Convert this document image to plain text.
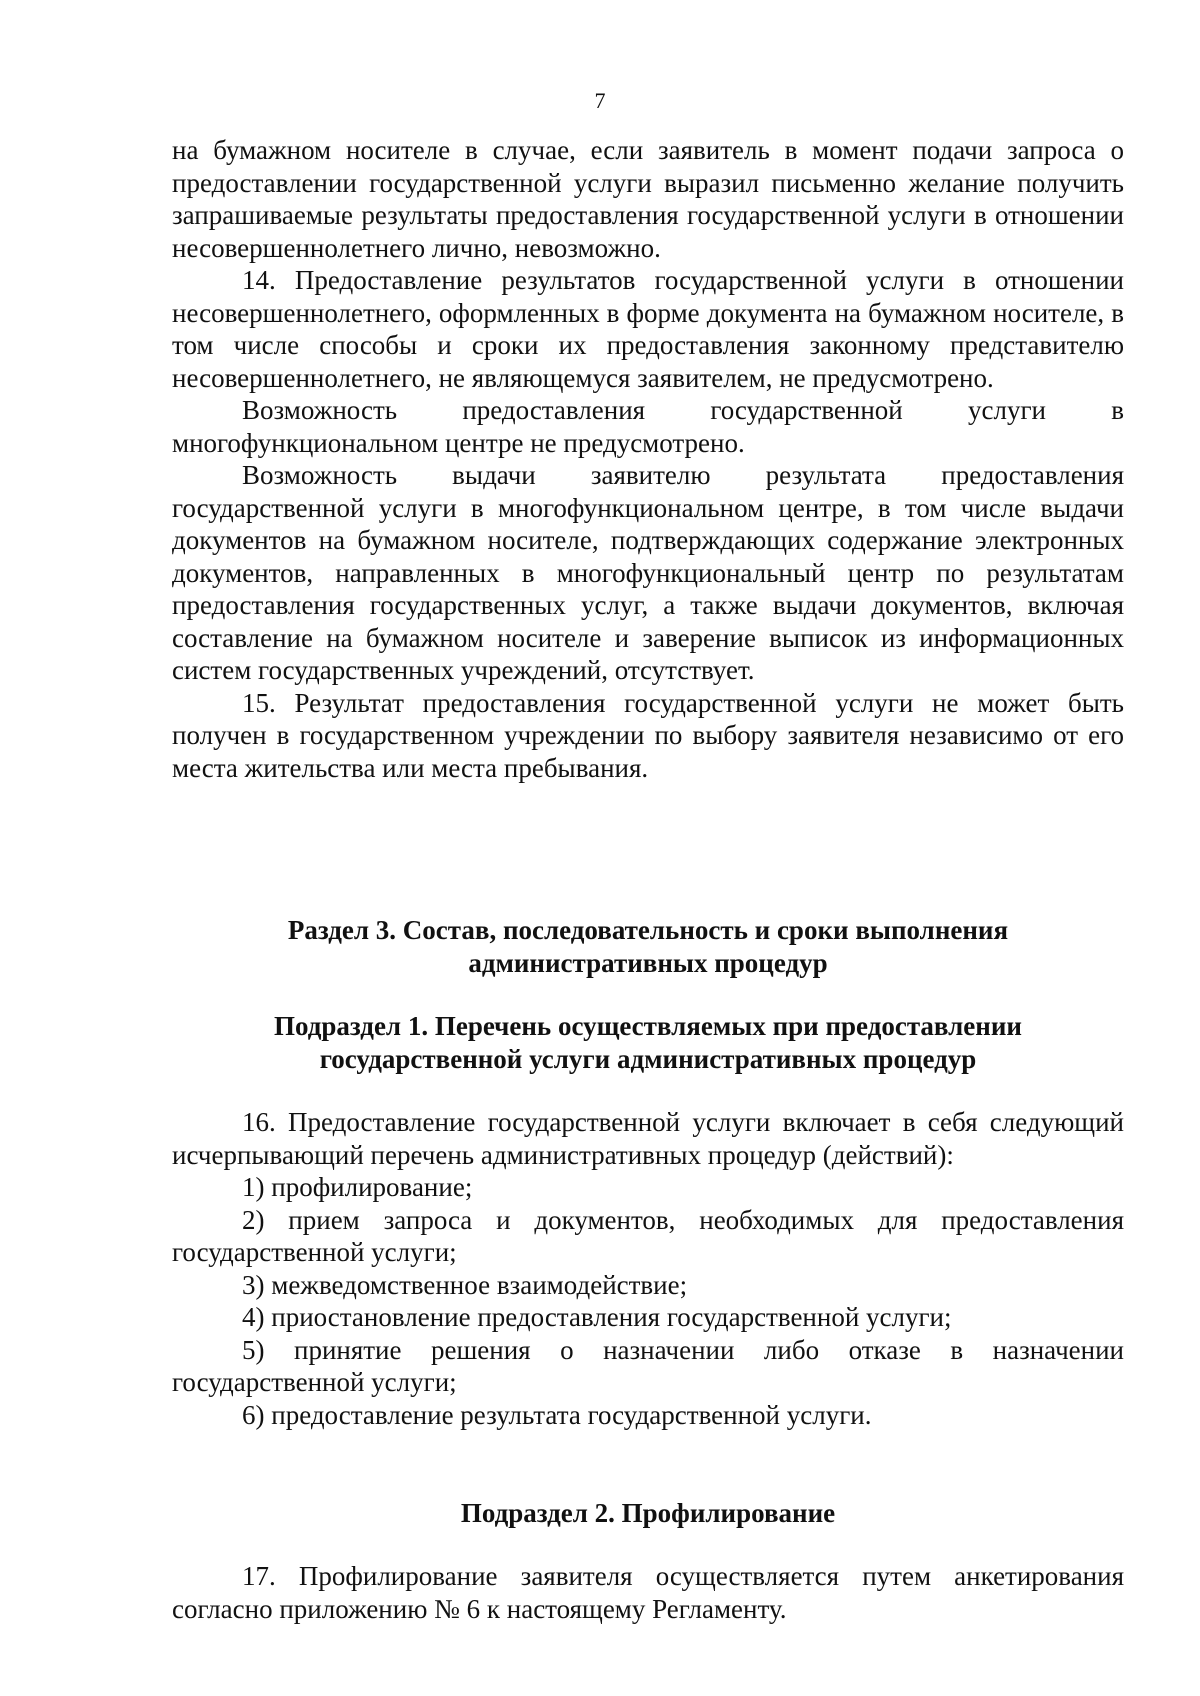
7

на бумажном носителе в случае, если заявитель в момент подачи запроса о предоставлении государственной услуги выразил письменно желание получить запрашиваемые результаты предоставления государственной услуги в отношении несовершеннолетнего лично, невозможно.

14. Предоставление результатов государственной услуги в отношении несовершеннолетнего, оформленных в форме документа на бумажном носителе, в том числе способы и сроки их предоставления законному представителю несовершеннолетнего, не являющемуся заявителем, не предусмотрено.

Возможность предоставления государственной услуги в многофункциональном центре не предусмотрено.

Возможность выдачи заявителю результата предоставления государственной услуги в многофункциональном центре, в том числе выдачи документов на бумажном носителе, подтверждающих содержание электронных документов, направленных в многофункциональный центр по результатам предоставления государственных услуг, а также выдачи документов, включая составление на бумажном носителе и заверение выписок из информационных систем государственных учреждений, отсутствует.

15. Результат предоставления государственной услуги не может быть получен в государственном учреждении по выбору заявителя независимо от его места жительства или места пребывания.

Раздел 3. Состав, последовательность и сроки выполнения
административных процедур
Подраздел 1. Перечень осуществляемых при предоставлении
государственной услуги административных процедур

16. Предоставление государственной услуги включает в себя следующий исчерпывающий перечень административных процедур (действий):

1) профилирование;

2) прием запроса и документов, необходимых для предоставления государственной услуги;

3) межведомственное взаимодействие;

4) приостановление предоставления государственной услуги;

5) принятие решения о назначении либо отказе в назначении государственной услуги;

6) предоставление результата государственной услуги.

Подраздел 2. Профилирование

17. Профилирование заявителя осуществляется путем анкетирования согласно приложению № 6 к настоящему Регламенту.
